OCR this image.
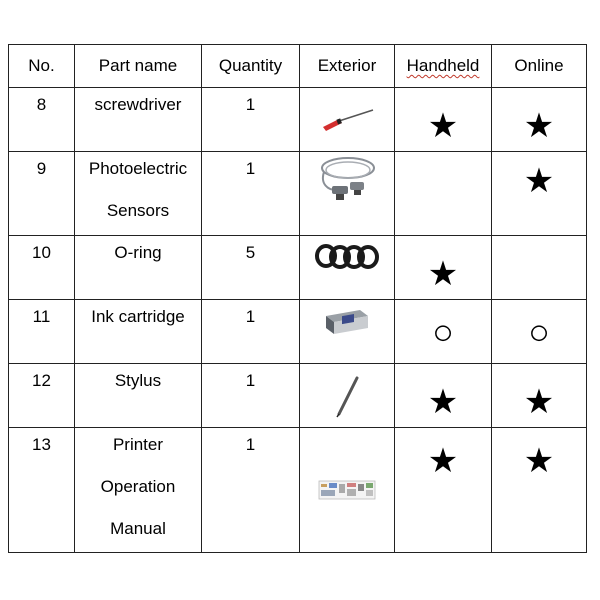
No.	Part name	Quantity	Exterior	Handheld	Online

8	screwdriver	1		★	★

9	Photoelectric
Sensors	1			★

10	O-ring	5		★	

11	Ink cartridge	1		○	○

12	Stylus	1		★	★

13	Printer
Operation
Manual	1		★	★
